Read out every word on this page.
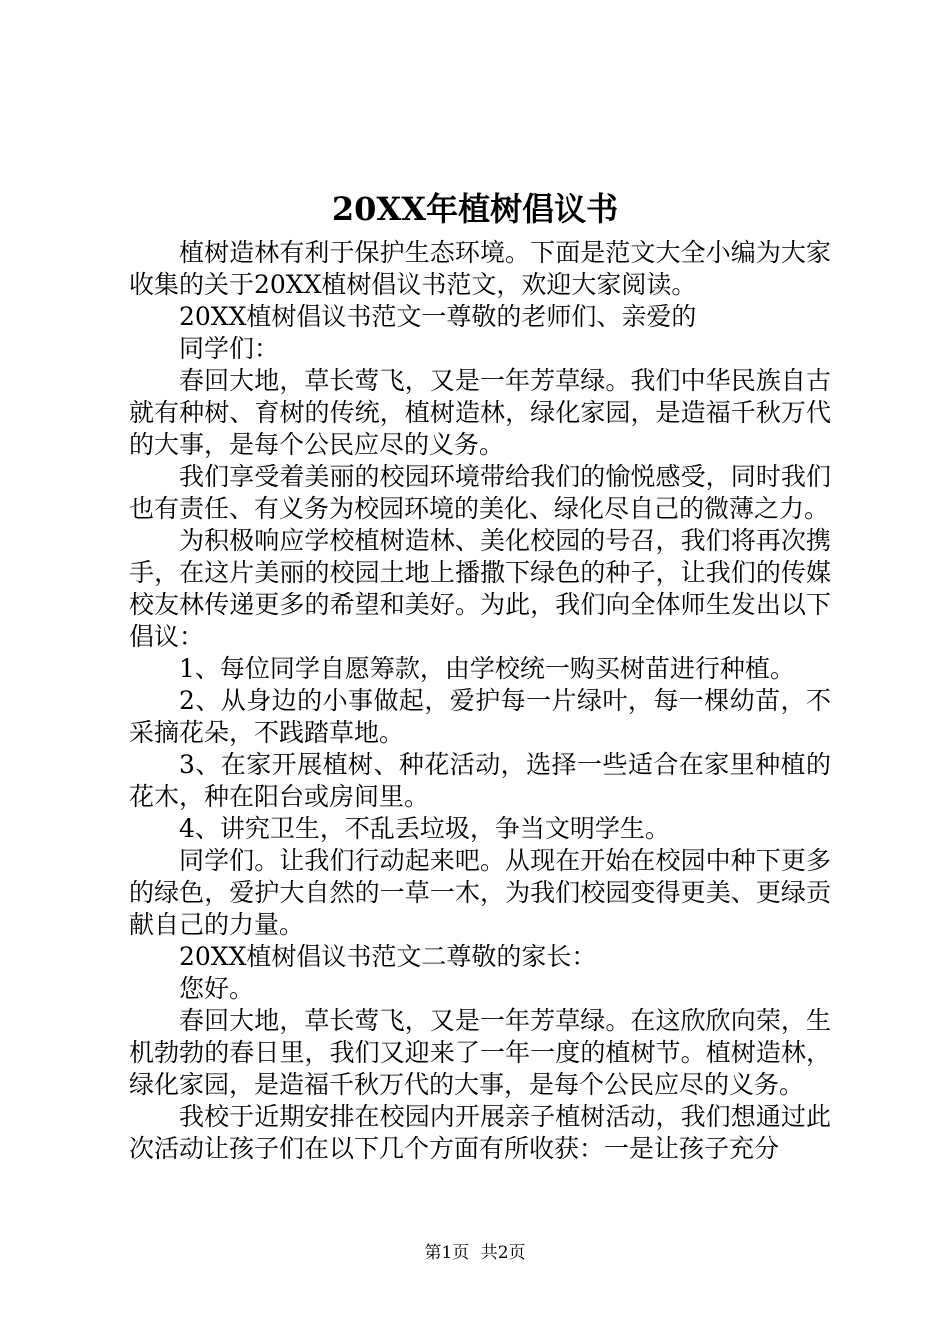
20XX年植树倡议书

植树造林有利于保护生态环境。下面是范文大全小编为大家收集的关于20XX植树倡议书范文，欢迎大家阅读。

20XX植树倡议书范文一尊敬的老师们、亲爱的

同学们：

春回大地，草长莺飞，又是一年芳草绿。我们中华民族自古就有种树、育树的传统，植树造林，绿化家园，是造福千秋万代的大事，是每个公民应尽的义务。

我们享受着美丽的校园环境带给我们的愉悦感受，同时我们也有责任、有义务为校园环境的美化、绿化尽自己的微薄之力。

为积极响应学校植树造林、美化校园的号召，我们将再次携手，在这片美丽的校园土地上播撒下绿色的种子，让我们的传媒校友林传递更多的希望和美好。为此，我们向全体师生发出以下倡议：

1、每位同学自愿筹款，由学校统一购买树苗进行种植。

2、从身边的小事做起，爱护每一片绿叶，每一棵幼苗，不采摘花朵，不践踏草地。

3、在家开展植树、种花活动，选择一些适合在家里种植的花木，种在阳台或房间里。

4、讲究卫生，不乱丢垃圾，争当文明学生。

同学们。让我们行动起来吧。从现在开始在校园中种下更多的绿色，爱护大自然的一草一木，为我们校园变得更美、更绿贡献自己的力量。

20XX植树倡议书范文二尊敬的家长：

您好。

春回大地，草长莺飞，又是一年芳草绿。在这欣欣向荣，生机勃勃的春日里，我们又迎来了一年一度的植树节。植树造林，绿化家园，是造福千秋万代的大事，是每个公民应尽的义务。

我校于近期安排在校园内开展亲子植树活动，我们想通过此次活动让孩子们在以下几个方面有所收获：一是让孩子充分

第1页 共2页
